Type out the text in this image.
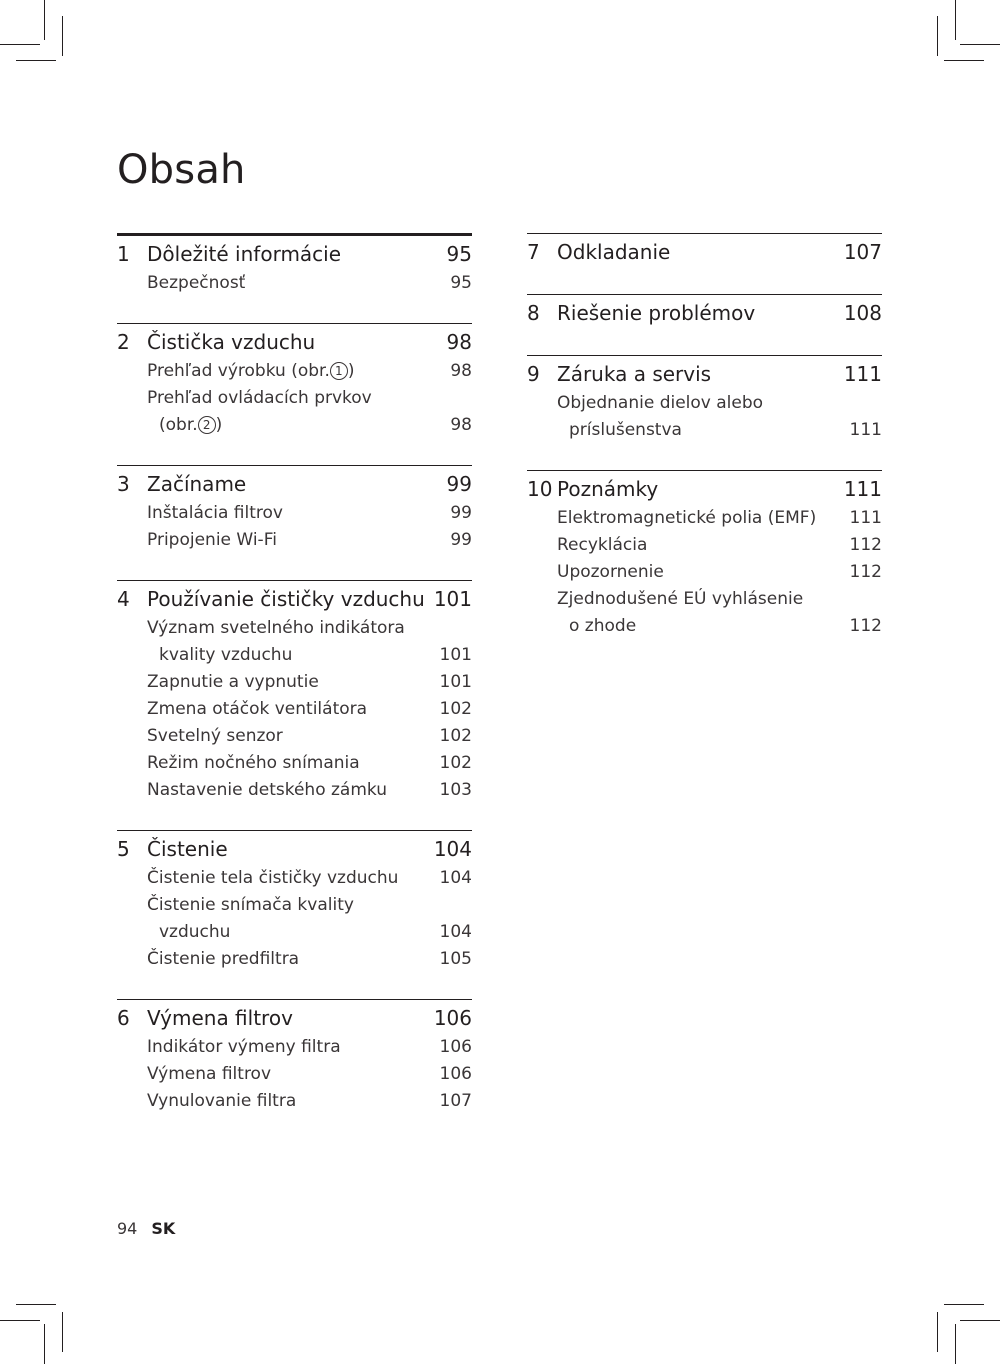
Obsah
1 Dôležité informácie	95
Bezpečnosť	95
2 Čistička vzduchu	98
Prehľad výrobku (obr. 1 )	98
Prehľad ovládacích prvkov
(obr. 2 )	98
3 Začíname	99
Inštalácia filtrov	99
Pripojenie Wi-Fi	99
4 Používanie čističky vzduchu 101
Význam svetelného indikátora
kvality vzduchu	101
Zapnutie a vypnutie	101
Zmena otáčok ventilátora	102
Svetelný senzor	102
Režim nočného snímania	102
Nastavenie detského zámku	103
5 Čistenie	104
Čistenie tela čističky vzduchu	104
Čistenie snímača kvality
vzduchu	104
Čistenie predfiltra	105
6 Výmena filtrov	106
Indikátor výmeny filtra	106
Výmena filtrov	106
Vynulovanie filtra	107
7 Odkladanie	107
8 Riešenie problémov	108
9 Záruka a servis	111
Objednanie dielov alebo
príslušenstva	111
10 Poznámky	111
Elektromagnetické polia (EMF)	111
Recyklácia	112
Upozornenie	112
Zjednodušené EÚ vyhlásenie
o zhode	112
94 SK
